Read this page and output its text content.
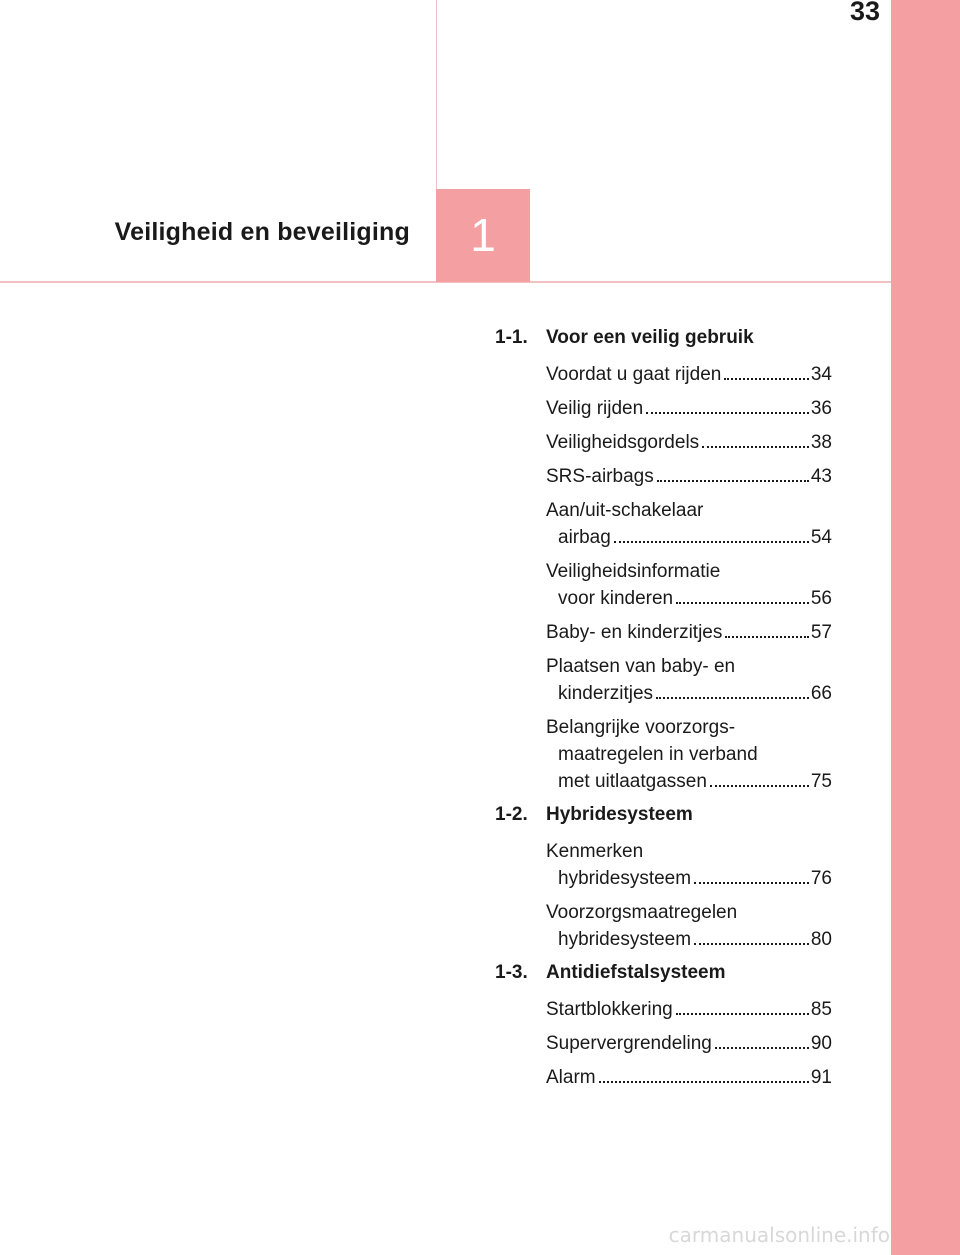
33
Veiligheid en beveiliging	1
1-1. Voor een veilig gebruik
Voordat u gaat rijden	34
Veilig rijden	36
Veiligheidsgordels	38
SRS-airbags	43
Aan/uit-schakelaar
airbag	54
Veiligheidsinformatie
voor kinderen	56
Baby- en kinderzitjes	57
Plaatsen van baby- en
kinderzitjes	66
Belangrijke voorzorgs-
maatregelen in verband
met uitlaatgassen	75
1-2. Hybridesysteem
Kenmerken
hybridesysteem	76
Voorzorgsmaatregelen
hybridesysteem	80
1-3. Antidiefstalsysteem
Startblokkering	85
Supervergrendeling	90
Alarm	91
carmanualsonline.info
